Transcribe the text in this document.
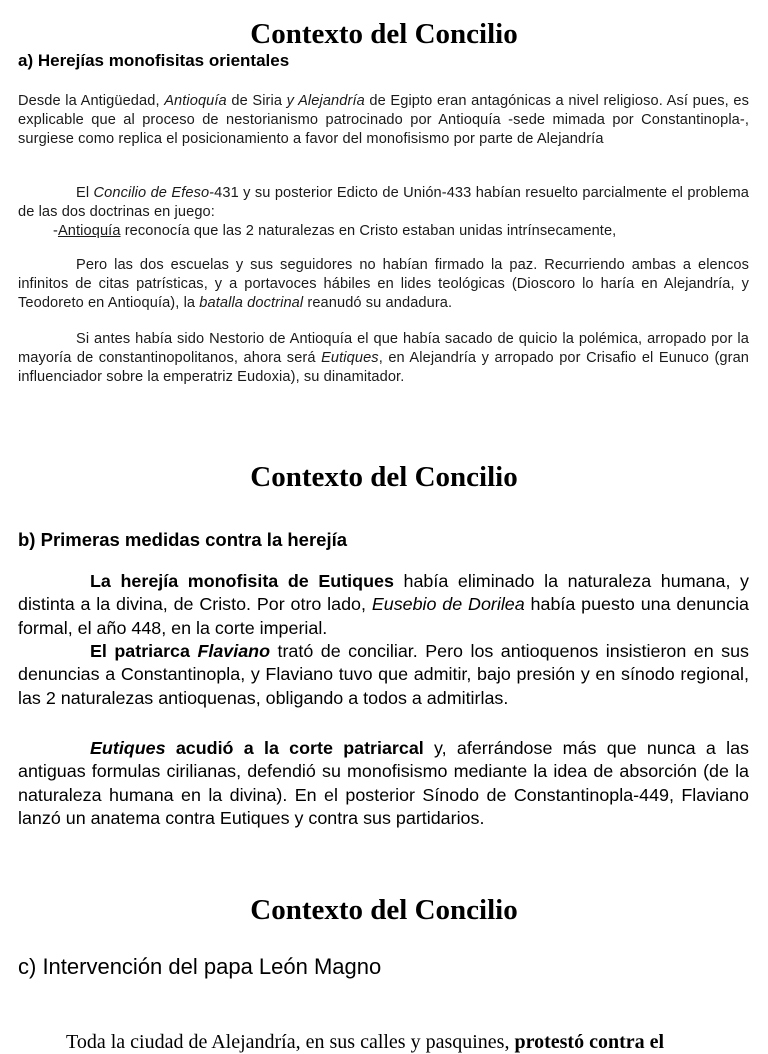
Contexto del Concilio
a) Herejías monofisitas orientales

Desde la Antigüedad, Antioquía de Siria y Alejandría de Egipto eran antagónicas a nivel religioso. Así pues, es explicable que al proceso de nestorianismo patrocinado por Antioquía -sede mimada por Constantinopla-, surgiese como replica el posicionamiento a favor del monofisismo por parte de Alejandría

El Concilio de Efeso-431 y su posterior Edicto de Unión-433 habían resuelto parcialmente el problema de las dos doctrinas en juego:

-Antioquía reconocía que las 2 naturalezas en Cristo estaban unidas intrínsecamente,

Pero las dos escuelas y sus seguidores no habían firmado la paz. Recurriendo ambas a elencos infinitos de citas patrísticas, y a portavoces hábiles en lides teológicas (Dioscoro lo haría en Alejandría, y Teodoreto en Antioquía), la batalla doctrinal reanudó su andadura.

Si antes había sido Nestorio de Antioquía el que había sacado de quicio la polémica, arropado por la mayoría de constantinopolitanos, ahora será Eutiques, en Alejandría y arropado por Crisafio el Eunuco (gran influenciador sobre la emperatriz Eudoxia), su dinamitador.

Contexto del Concilio
b) Primeras medidas contra la herejía

La herejía monofisita de Eutiques había eliminado la naturaleza humana, y distinta a la divina, de Cristo. Por otro lado, Eusebio de Dorilea había puesto una denuncia formal, el año 448, en la corte imperial.

El patriarca Flaviano trató de conciliar. Pero los antioquenos insistieron en sus denuncias a Constantinopla, y Flaviano tuvo que admitir, bajo presión y en sínodo regional, las 2 naturalezas antioquenas, obligando a todos a admitirlas.

Eutiques acudió a la corte patriarcal y, aferrándose más que nunca a las antiguas formulas cirilianas, defendió su monofisismo mediante la idea de absorción (de la naturaleza humana en la divina). En el posterior Sínodo de Constantinopla-449, Flaviano lanzó un anatema contra Eutiques y contra sus partidarios.

Contexto del Concilio
c) Intervención del papa León Magno

Toda la ciudad de Alejandría, en sus calles y pasquines, protestó contra el
